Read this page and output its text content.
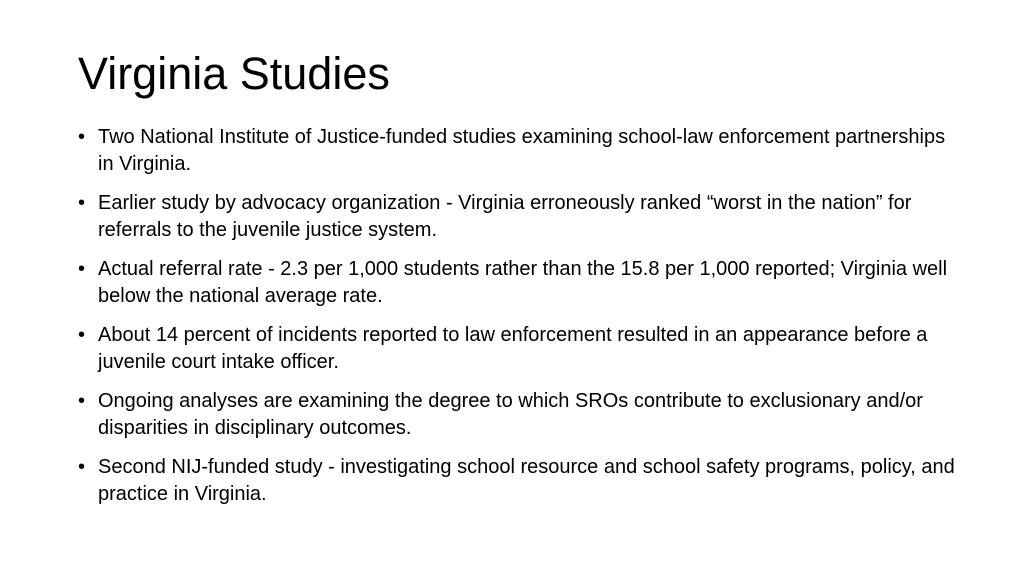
Virginia Studies
• Two National Institute of Justice-funded studies examining school-law enforcement partnerships in Virginia.
• Earlier study by advocacy organization - Virginia erroneously ranked “worst in the nation” for referrals to the juvenile justice system.
• Actual referral rate - 2.3 per 1,000 students rather than the 15.8 per 1,000 reported; Virginia well below the national average rate.
• About 14 percent of incidents reported to law enforcement resulted in an appearance before a juvenile court intake officer.
• Ongoing analyses are examining the degree to which SROs contribute to exclusionary and/or disparities in disciplinary outcomes.
• Second NIJ-funded study - investigating school resource and school safety programs, policy, and practice in Virginia.
